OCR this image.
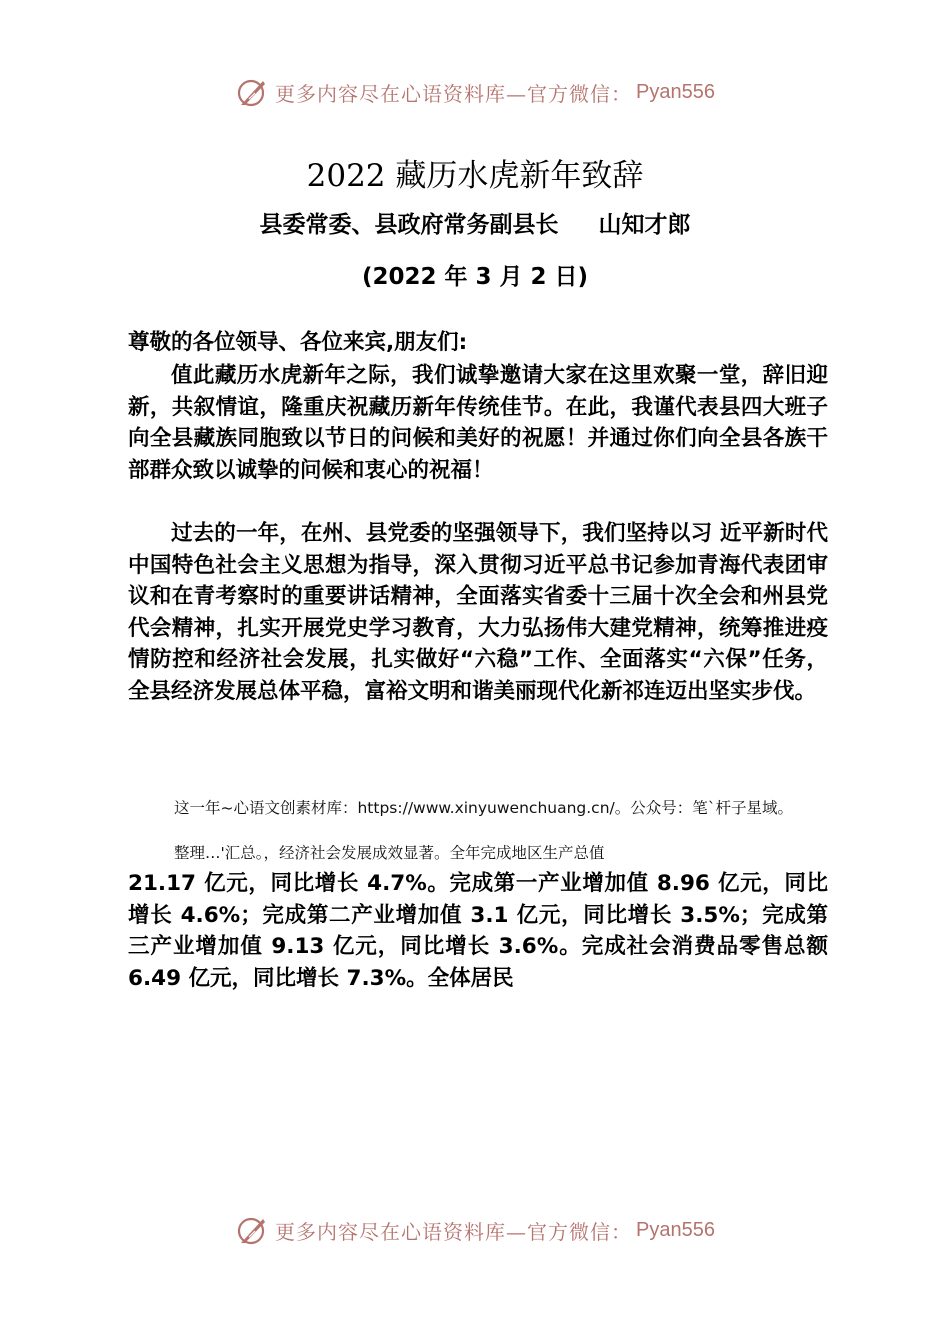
更多内容尽在心语资料库—官方微信： Pyan556
2022 藏历水虎新年致辞
县委常委、县政府常务副县长 山知才郎
(2022 年 3 月 2 日)
尊敬的各位领导、各位来宾,朋友们:
值此藏历水虎新年之际，我们诚挚邀请大家在这里欢聚一堂，辞旧迎新，共叙情谊，隆重庆祝藏历新年传统佳节。在此，我谨代表县四大班子向全县藏族同胞致以节日的问候和美好的祝愿！并通过你们向全县各族干部群众致以诚挚的问候和衷心的祝福！
过去的一年，在州、县党委的坚强领导下，我们坚持以习 近平新时代中国特色社会主义思想为指导，深入贯彻习近平总书记参加青海代表团审议和在青考察时的重要讲话精神，全面落实省委十三届十次全会和州县党代会精神，扎实开展党史学习教育，大力弘扬伟大建党精神，统筹推进疫情防控和经济社会发展，扎实做好“六稳”工作、全面落实“六保”任务，全县经济发展总体平稳，富裕文明和谐美丽现代化新祁连迈出坚实步伐。
这一年~心语文创素材库：https://www.xinyuwenchuang.cn/。公众号：笔`杆子星域。
整理…'汇总。，经济社会发展成效显著。全年完成地区生产总值
21.17 亿元，同比增长 4.7%。完成第一产业增加值 8.96 亿元，同比增长 4.6%；完成第二产业增加值 3.1 亿元，同比增长 3.5%；完成第三产业增加值 9.13 亿元，同比增长 3.6%。完成社会消费品零售总额 6.49 亿元，同比增长 7.3%。全体居民
更多内容尽在心语资料库—官方微信： Pyan556
